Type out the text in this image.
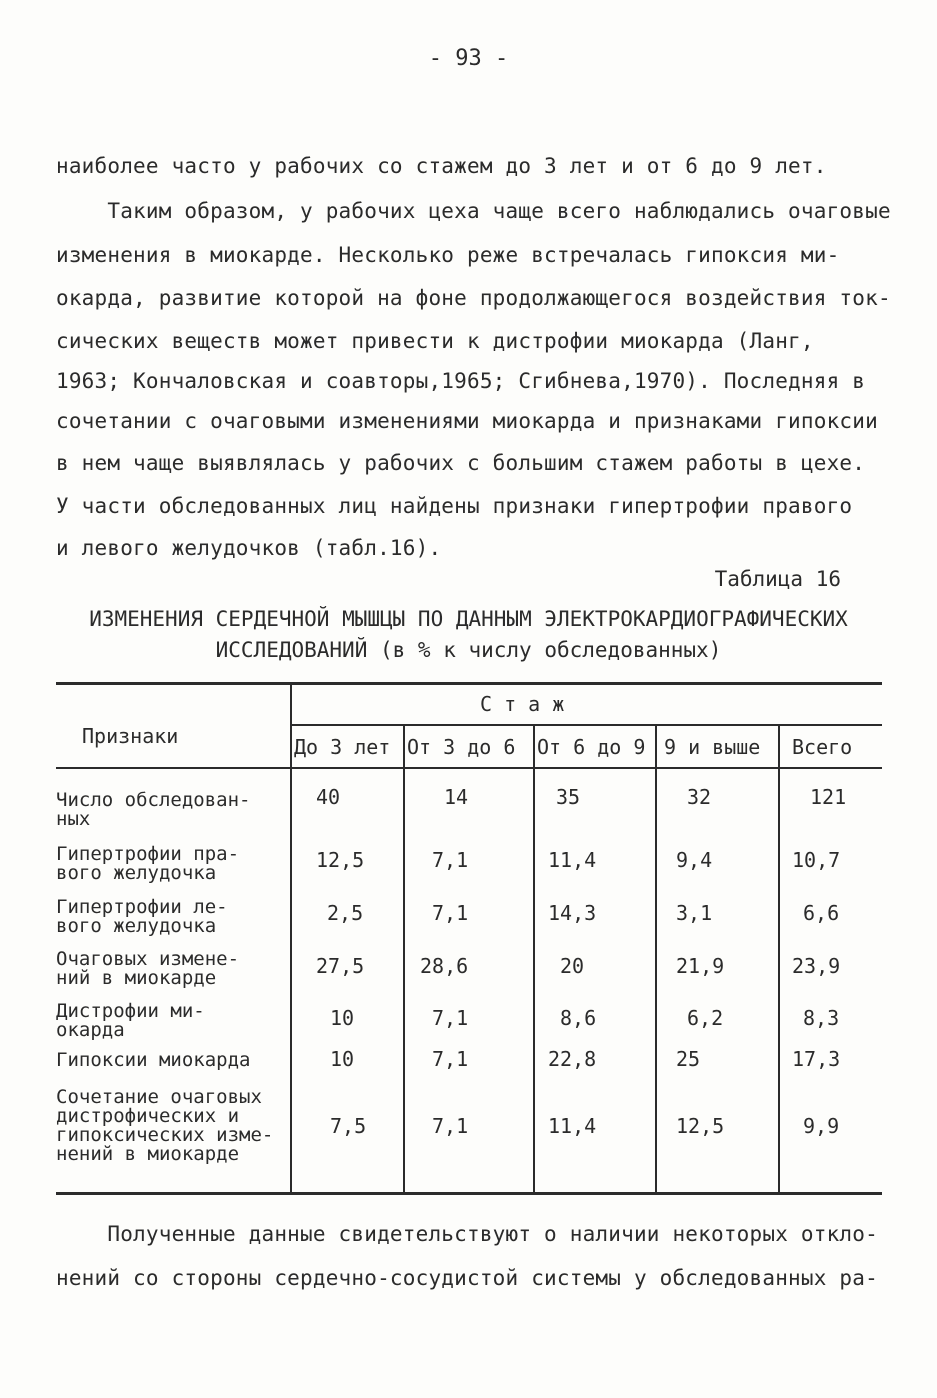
- 93 -
наиболее часто у рабочих со стажем до 3 лет и от 6 до 9 лет.
Таким образом, у рабочих цеха чаще всего наблюдались очаговые
изменения в миокарде. Несколько реже встречалась гипоксия ми-
окарда, развитие которой на фоне продолжающегося воздействия ток-
сических веществ может привести к дистрофии миокарда (Ланг,
1963; Кончаловская и соавторы,1965; Сгибнева,1970). Последняя в
сочетании с очаговыми изменениями миокарда и признаками гипоксии
в нем чаще выявлялась у рабочих с большим стажем работы в цехе.
У части обследованных лиц найдены признаки гипертрофии правого
и левого желудочков (табл.16).
Таблица 16
ИЗМЕНЕНИЯ СЕРДЕЧНОЙ МЫШЦЫ ПО ДАННЫМ ЭЛЕКТРОКАРДИОГРАФИЧЕСКИХ
ИССЛЕДОВАНИЙ (в % к числу обследованных)
Признаки
С т а ж
До 3 лет От 3 до 6 От 6 до 9 9 и выше Всего
Число обследован-
ных
40	14	35	32	121
Гипертрофии пра-
вого желудочка
12,5	7,1	11,4	9,4	10,7
Гипертрофии ле-
вого желудочка
2,5	7,1	14,3	3,1	6,6
Очаговых измене-
ний в миокарде	27,5	28,6	20	21,9	23,9
Дистрофии ми-
окарда	10	7,1	8,6	6,2	8,3
Гипоксии миокарда	10	7,1	22,8	25	17,3
Сочетание очаговых
дистрофических и
гипоксических изме-
нений в миокарде
7,5	7,1	11,4	12,5	9,9
Полученные данные свидетельствуют о наличии некоторых откло-
нений со стороны сердечно-сосудистой системы у обследованных ра-
